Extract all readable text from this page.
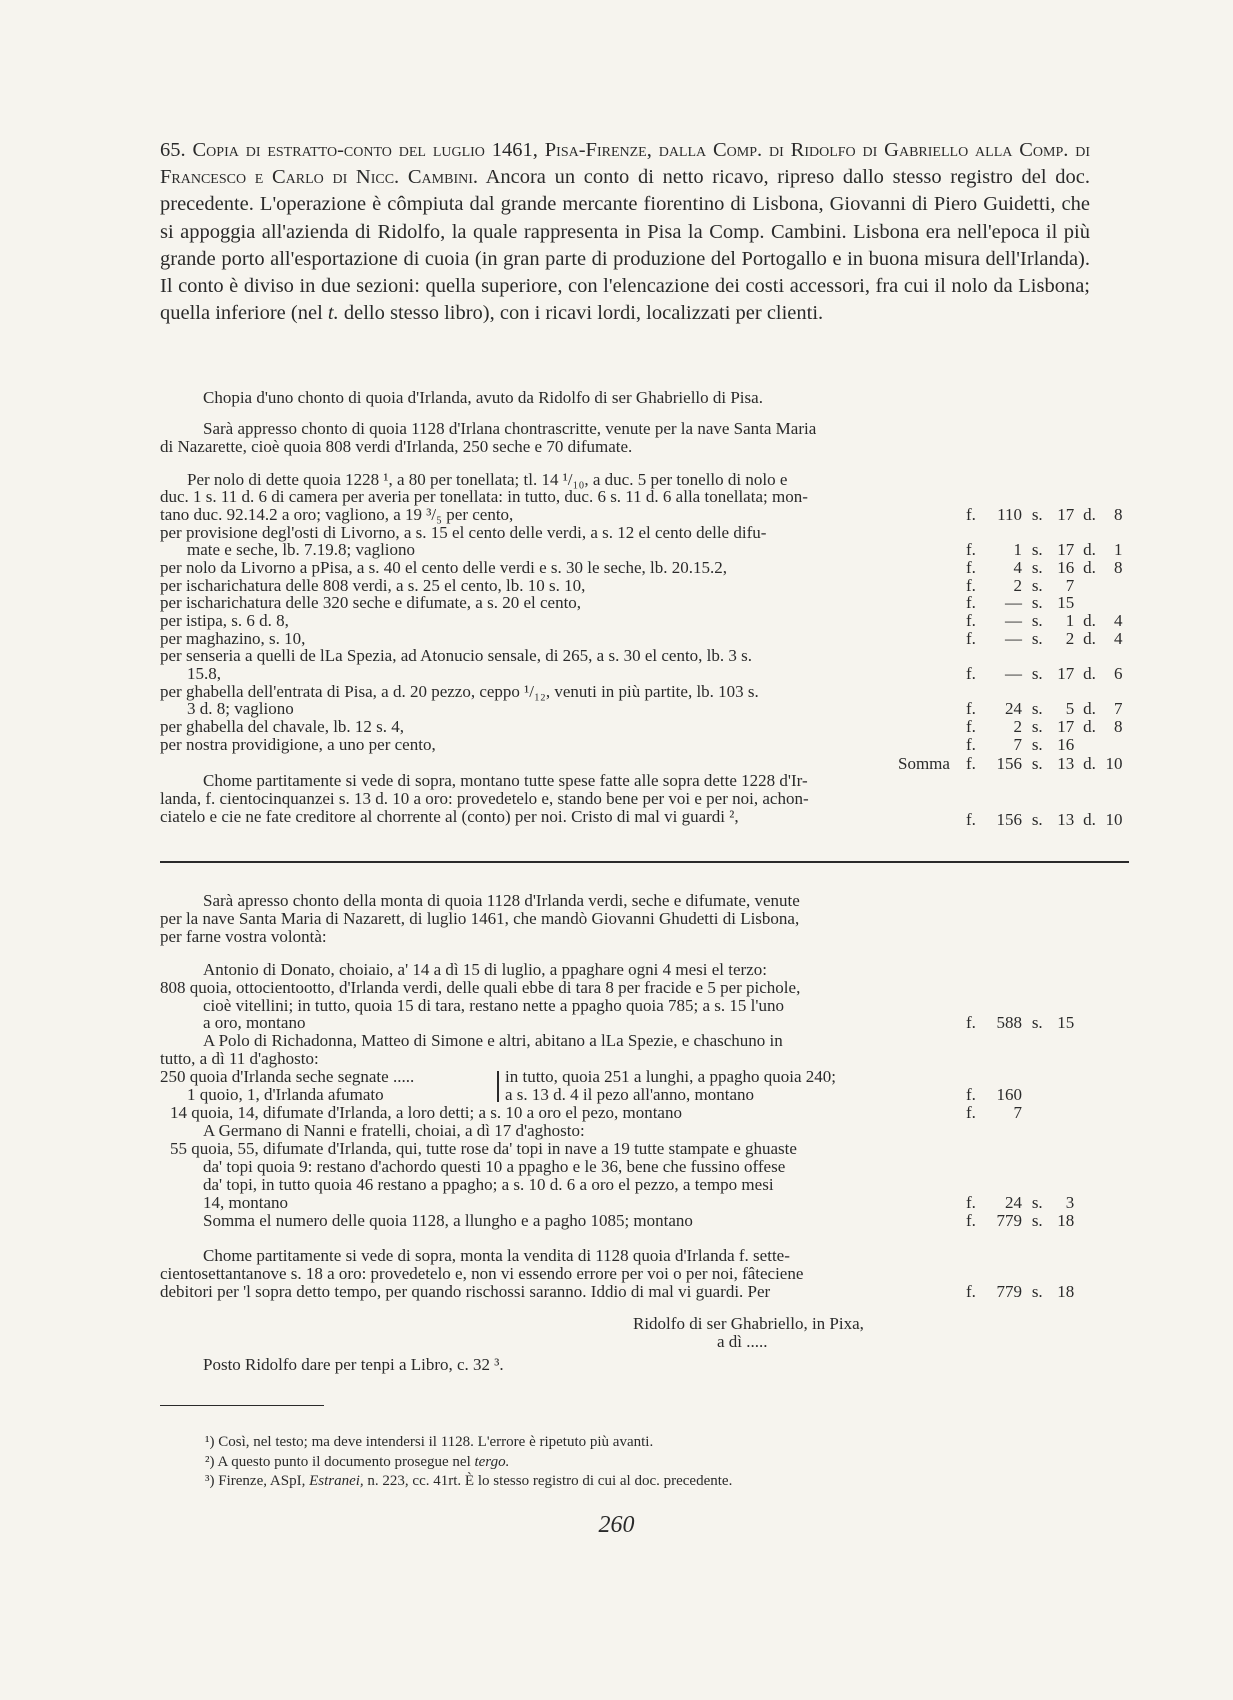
65. Copia di estratto-conto del luglio 1461, Pisa-Firenze, dalla Comp. di Ridolfo di Gabriello alla Comp. di Francesco e Carlo di Nicc. Cambini. Ancora un conto di netto ricavo, ripreso dallo stesso registro del doc. precedente. L'operazione è cômpiuta dal grande mercante fiorentino di Lisbona, Giovanni di Piero Guidetti, che si appoggia all'azienda di Ridolfo, la quale rappresenta in Pisa la Comp. Cambini. Lisbona era nell'epoca il più grande porto all'esportazione di cuoia (in gran parte di produzione del Portogallo e in buona misura dell'Irlanda). Il conto è diviso in due sezioni: quella superiore, con l'elencazione dei costi accessori, fra cui il nolo da Lisbona; quella inferiore (nel t. dello stesso libro), con i ricavi lordi, localizzati per clienti.
Chopia d'uno chonto di quoia d'Irlanda, avuto da Ridolfo di ser Ghabriello di Pisa.
Sarà appresso chonto di quoia 1128 d'Irlana chontrascritte, venute per la nave Santa Maria
di Nazarette, cioè quoia 808 verdi d'Irlanda, 250 seche e 70 difumate.
Per nolo di dette quoia 1228 ¹, a 80 per tonellata; tl. 14 ¹/₁₀, a duc. 5 per tonello di nolo e
duc. 1 s. 11 d. 6 di camera per averia per tonellata: in tutto, duc. 6 s. 11 d. 6 alla tonellata; mon-
tano duc. 92.14.2 a oro; vagliono, a 19 ³/₅ per cento,
per provisione degl'osti di Livorno, a s. 15 el cento delle verdi, a s. 12 el cento delle difu-
mate e seche, lb. 7.19.8; vagliono
per nolo da Livorno a pPisa, a s. 40 el cento delle verdi e s. 30 le seche, lb. 20.15.2,
per ischarichatura delle 808 verdi, a s. 25 el cento, lb. 10 s. 10,
per ischarichatura delle 320 seche e difumate, a s. 20 el cento,
per istipa, s. 6 d. 8,
per maghazino, s. 10,
per senseria a quelli de lLa Spezia, ad Atonucio sensale, di 265, a s. 30 el cento, lb. 3 s.
15.8,
per ghabella dell'entrata di Pisa, a d. 20 pezzo, ceppo ¹/₁₂, venuti in più partite, lb. 103 s.
3 d. 8; vagliono
per ghabella del chavale, lb. 12 s. 4,
per nostra providigione, a uno per cento,
Somma
Chome partitamente si vede di sopra, montano tutte spese fatte alle sopra dette 1228 d'Ir-
landa, f. cientocinquanzei s. 13 d. 10 a oro: provedetelo e, stando bene per voi e per noi, achon-
ciatelo e cie ne fate creditore al chorrente al (conto) per noi. Cristo di mal vi guardi ²,
f. 110 s. 17 d. 8
f. 1 s. 17 d. 1
f. 4 s. 16 d. 8
f. 2 s. 7
f. — s. 15
f. — s. 1 d. 4
f. — s. 2 d. 4
f. — s. 17 d. 6
f. 24 s. 5 d. 7
f. 2 s. 17 d. 8
f. 7 s. 16
f. 156 s. 13 d. 10
f. 156 s. 13 d. 10
Sarà apresso chonto della monta di quoia 1128 d'Irlanda verdi, seche e difumate, venute
per la nave Santa Maria di Nazarett, di luglio 1461, che mandò Giovanni Ghudetti di Lisbona,
per farne vostra volontà:
Antonio di Donato, choiaio, a' 14 a dì 15 di luglio, a ppaghare ogni 4 mesi el terzo:
808 quoia, ottocientootto, d'Irlanda verdi, delle quali ebbe di tara 8 per fracide e 5 per pichole,
cioè vitellini; in tutto, quoia 15 di tara, restano nette a ppagho quoia 785; a s. 15 l'uno
a oro, montano
A Polo di Richadonna, Matteo di Simone e altri, abitano a lLa Spezie, e chaschuno in
tutto, a dì 11 d'aghosto:
250 quoia d'Irlanda seche segnate .....	in tutto, quoia 251 a lunghi, a ppagho quoia 240;
1 quoio, 1, d'Irlanda afumato	a s. 13 d. 4 il pezo all'anno, montano
14 quoia, 14, difumate d'Irlanda, a loro detti; a s. 10 a oro el pezo, montano
A Germano di Nanni e fratelli, choiai, a dì 17 d'aghosto:
55 quoia, 55, difumate d'Irlanda, qui, tutte rose da' topi in nave a 19 tutte stampate e ghuaste
da' topi quoia 9: restano d'achordo questi 10 a ppagho e le 36, bene che fussino offese
da' topi, in tutto quoia 46 restano a ppagho; a s. 10 d. 6 a oro el pezzo, a tempo mesi
14, montano
Somma el numero delle quoia 1128, a llungho e a pagho 1085; montano
Chome partitamente si vede di sopra, monta la vendita di 1128 quoia d'Irlanda f. sette-
cientosettantanove s. 18 a oro: provedetelo e, non vi essendo errore per voi o per noi, fâteciene
debitori per 'l sopra detto tempo, per quando rischossi saranno. Iddio di mal vi guardi. Per
Ridolfo di ser Ghabriello, in Pixa,
a dì .....
Posto Ridolfo dare per tenpi a Libro, c. 32 ³.
f. 588 s. 15
f. 160
f. 7
f. 24 s. 3
f. 779 s. 18
f. 779 s. 18
¹) Così, nel testo; ma deve intendersi il 1128. L'errore è ripetuto più avanti.
²) A questo punto il documento prosegue nel tergo.
³) Firenze, ASpI, Estranei, n. 223, cc. 41rt. È lo stesso registro di cui al doc. precedente.
260
